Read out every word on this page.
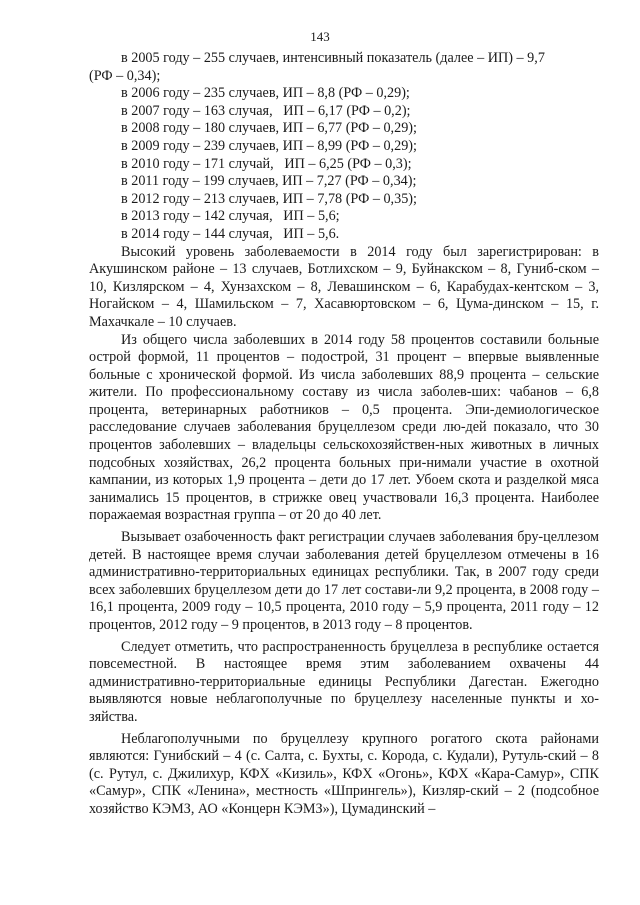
143
в 2005 году – 255 случаев, интенсивный показатель (далее – ИП) – 9,7
(РФ – 0,34);
в 2006 году – 235 случаев, ИП – 8,8 (РФ – 0,29);
в 2007 году – 163 случая,   ИП – 6,17 (РФ – 0,2);
в 2008 году – 180 случаев, ИП – 6,77 (РФ – 0,29);
в 2009 году – 239 случаев, ИП – 8,99 (РФ – 0,29);
в 2010 году – 171 случай,   ИП – 6,25 (РФ – 0,3);
в 2011 году – 199 случаев, ИП – 7,27 (РФ – 0,34);
в 2012 году – 213 случаев, ИП – 7,78 (РФ – 0,35);
в 2013 году – 142 случая,   ИП – 5,6;
в 2014 году – 144 случая,   ИП – 5,6.

Высокий уровень заболеваемости в 2014 году был зарегистрирован: в Акушинском районе – 13 случаев, Ботлихском – 9, Буйнакском – 8, Гуниб-ском – 10, Кизлярском – 4, Хунзахском – 8, Левашинском – 6, Карабудах-кентском – 3, Ногайском – 4, Шамильском – 7, Хасавюртовском – 6, Цума-динском – 15, г. Махачкале – 10 случаев.

Из общего числа заболевших в 2014 году 58 процентов составили больные острой формой, 11 процентов – подострой, 31 процент – впервые выявленные больные с хронической формой. Из числа заболевших 88,9 процента – сельские жители. По профессиональному составу из числа заболев-ших: чабанов – 6,8 процента, ветеринарных работников – 0,5 процента. Эпи-демиологическое расследование случаев заболевания бруцеллезом среди лю-дей показало, что 30 процентов заболевших – владельцы сельскохозяйствен-ных животных в личных подсобных хозяйствах, 26,2 процента больных при-нимали участие в охотной кампании, из которых 1,9 процента – дети до 17 лет. Убоем скота и разделкой мяса занимались 15 процентов, в стрижке овец участвовали 16,3 процента. Наиболее поражаемая возрастная группа – от 20 до 40 лет.

Вызывает озабоченность факт регистрации случаев заболевания бру-целлезом детей. В настоящее время случаи заболевания детей бруцеллезом отмечены в 16 административно-территориальных единицах республики. Так, в 2007 году среди всех заболевших бруцеллезом дети до 17 лет состави-ли 9,2 процента, в 2008 году – 16,1 процента, 2009 году – 10,5 процента, 2010 году – 5,9 процента, 2011 году – 12 процентов, 2012 году – 9 процентов, в 2013 году – 8 процентов.

Следует отметить, что распространенность бруцеллеза в республике остается повсеместной. В настоящее время этим заболеванием охвачены 44 административно-территориальные единицы Республики Дагестан. Ежегодно выявляются новые неблагополучные по бруцеллезу населенные пункты и хо-зяйства.

Неблагополучными по бруцеллезу крупного рогатого скота районами являются: Гунибский – 4 (с. Салта, с. Бухты, с. Корода, с. Кудали), Рутуль-ский – 8 (с. Рутул, с. Джилихур, КФХ «Кизиль», КФХ «Огонь», КФХ «Кара-Самур», СПК «Самур», СПК «Ленина», местность «Шпрингель»), Кизляр-ский – 2 (подсобное хозяйство КЭМЗ, АО «Концерн КЭМЗ»), Цумадинский –
